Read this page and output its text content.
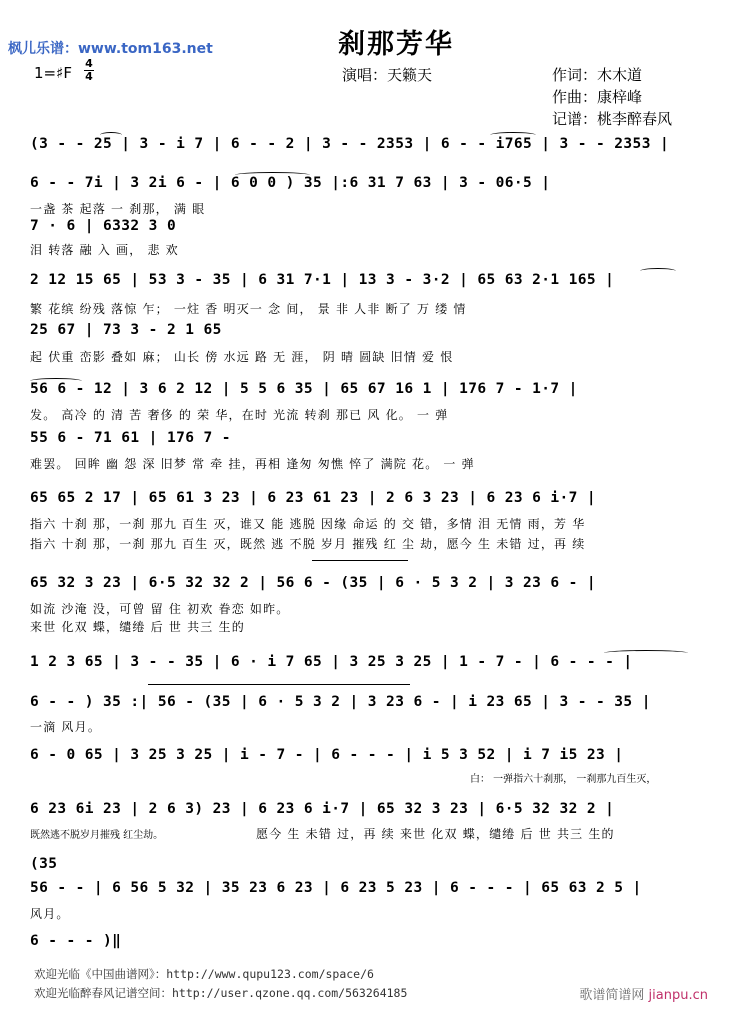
枫儿乐谱：www.tom163.net	刹那芳华
1=♯F
4
4	演唱：天籁天	作词：木木道
作曲：康梓峰
记谱：桃李醉春风
(3 - - 25 | 3 - i 7 | 6 - - 2 | 3 - - 2353 | 6 - - i765 | 3 - - 2353 |
6 - - 7i | 3 2i 6 - | 6 0 0 ) 35 |:6 31 7 63 | 3 - 06·5 |
一盏 茶 起落 一 刹那， 满 眼
7 · 6 | 6332 3 0
泪 转落 融 入 画， 悲 欢
2 12 15 65 | 53 3 - 35 | 6 31 7·1 | 13 3 - 3·2 | 65 63 2·1 165 |
繁 花缤 纷残 落惊 乍； 一炷 香 明灭一 念 间， 景 非 人非 断了 万 缕 情
25 67 | 73 3 - 2 1 65
起 伏重 峦影 叠如 麻； 山长 傍 水远 路 无 涯， 阴 晴 圆缺 旧情 爱 恨
56 6 - 12 | 3 6 2 12 | 5 5 6 35 | 65 67 16 1 | 176 7 - 1·7 |
发。 高冷 的 清 苦 奢侈 的 荣 华，在时 光流 转刹 那已 风 化。 一 弹
55 6 - 71 61 | 176 7 -
难罢。 回眸 幽 怨 深 旧梦 常 牵 挂，再相 逢匆 匆憔 悴了 满院 花。 一 弹
65 65 2 17 | 65 61 3 23 | 6 23 61 23 | 2 6 3 23 | 6 23 6 i·7 |
指六 十刹 那，一刹 那九 百生 灭，谁又 能 逃脱 因缘 命运 的 交 错，多情 泪 无情 雨，芳 华
指六 十刹 那，一刹 那九 百生 灭，既然 逃 不脱 岁月 摧残 红 尘 劫，愿今 生 未错 过，再 续
65 32 3 23 | 6·5 32 32 2 | 56 6 - (35 | 6 · 5 3 2 | 3 23 6 - |
如流 沙淹 没，可曾 留 住 初欢 眷恋 如昨。
来世 化双 蝶，缱绻 后 世 共三 生的
1 2 3 65 | 3 - - 35 | 6 · i 7 65 | 3 25 3 25 | 1 - 7 - | 6 - - - |
6 - - ) 35 :| 56 - (35 | 6 · 5 3 2 | 3 23 6 - | i 23 65 | 3 - - 35 |
一滴 风月。
6 - 0 65 | 3 25 3 25 | i - 7 - | 6 - - - | i 5 3 52 | i 7 i5 23 |
白： 一弹指六十刹那， 一刹那九百生灭，
6 23 6i 23 | 2 6 3) 23 | 6 23 6 i·7 | 65 32 3 23 | 6·5 32 32 2 |
既然逃不脱岁月摧残 红尘劫。	愿今 生 未错 过，再 续 来世 化双 蝶，缱绻 后 世 共三 生的
(35
56 - - | 6 56 5 32 | 35 23 6 23 | 6 23 5 23 | 6 - - - | 65 63 2 5 |
风月。
6 - - - )‖
欢迎光临《中国曲谱网》：http://www.qupu123.com/space/6
欢迎光临醉春风记谱空间：http://user.qzone.qq.com/563264185	歌谱简谱网 jianpu.cn
